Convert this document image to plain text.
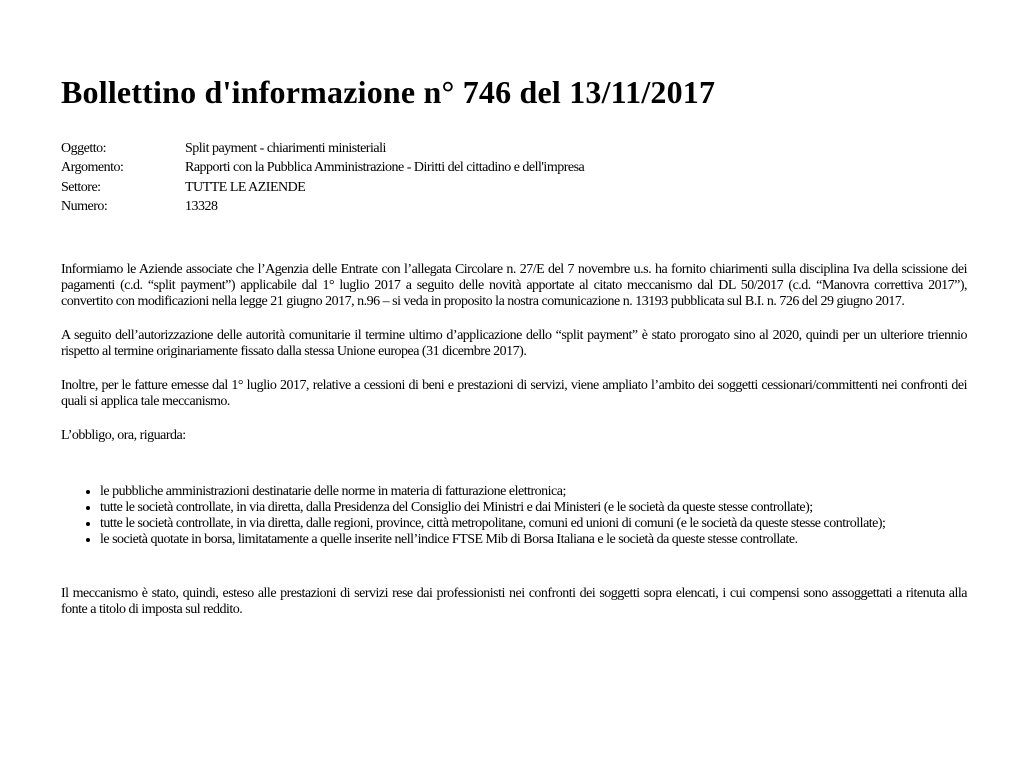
Bollettino d'informazione n° 746 del 13/11/2017
Oggetto:	Split payment - chiarimenti ministeriali
Argomento:	Rapporti con la Pubblica Amministrazione - Diritti del cittadino e dell'impresa
Settore:	TUTTE LE AZIENDE
Numero:	13328

Informiamo le Aziende associate che l’Agenzia delle Entrate con l’allegata Circolare n. 27/E del 7 novembre u.s. ha fornito chiarimenti sulla disciplina Iva della scissione dei pagamenti (c.d. “split payment”) applicabile dal 1° luglio 2017 a seguito delle novità apportate al citato meccanismo dal DL 50/2017 (c.d. “Manovra correttiva 2017”), convertito con modificazioni nella legge 21 giugno 2017, n.96 – si veda in proposito la nostra comunicazione n. 13193 pubblicata sul B.I. n. 726 del 29 giugno 2017.

A seguito dell’autorizzazione delle autorità comunitarie il termine ultimo d’applicazione dello “split payment” è stato prorogato sino al 2020, quindi per un ulteriore triennio rispetto al termine originariamente fissato dalla stessa Unione europea (31 dicembre 2017).

Inoltre, per le fatture emesse dal 1° luglio 2017, relative a cessioni di beni e prestazioni di servizi, viene ampliato l’ambito dei soggetti cessionari/committenti nei confronti dei quali si applica tale meccanismo.

L’obbligo, ora, riguarda:

• le pubbliche amministrazioni destinatarie delle norme in materia di fatturazione elettronica;
• tutte le società controllate, in via diretta, dalla Presidenza del Consiglio dei Ministri e dai Ministeri (e le società da queste stesse controllate);
• tutte le società controllate, in via diretta, dalle regioni, province, città metropolitane, comuni ed unioni di comuni (e le società da queste stesse controllate);
• le società quotate in borsa, limitatamente a quelle inserite nell’indice FTSE Mib di Borsa Italiana e le società da queste stesse controllate.

Il meccanismo è stato, quindi, esteso alle prestazioni di servizi rese dai professionisti nei confronti dei soggetti sopra elencati, i cui compensi sono assoggettati a ritenuta alla fonte a titolo di imposta sul reddito.
